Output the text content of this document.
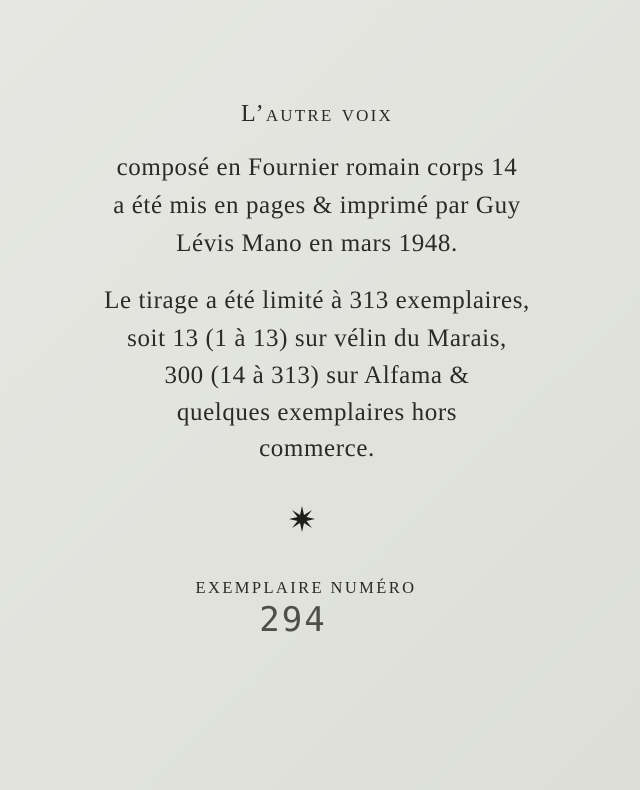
L’autre voix
composé en Fournier romain corps 14
a été mis en pages & imprimé par Guy
Lévis Mano en mars 1948.
Le tirage a été limité à 313 exemplaires,
soit 13 (1 à 13) sur vélin du Marais,
300 (14 à 313) sur Alfama &
quelques exemplaires hors
commerce.
EXEMPLAIRE NUMÉRO
294
